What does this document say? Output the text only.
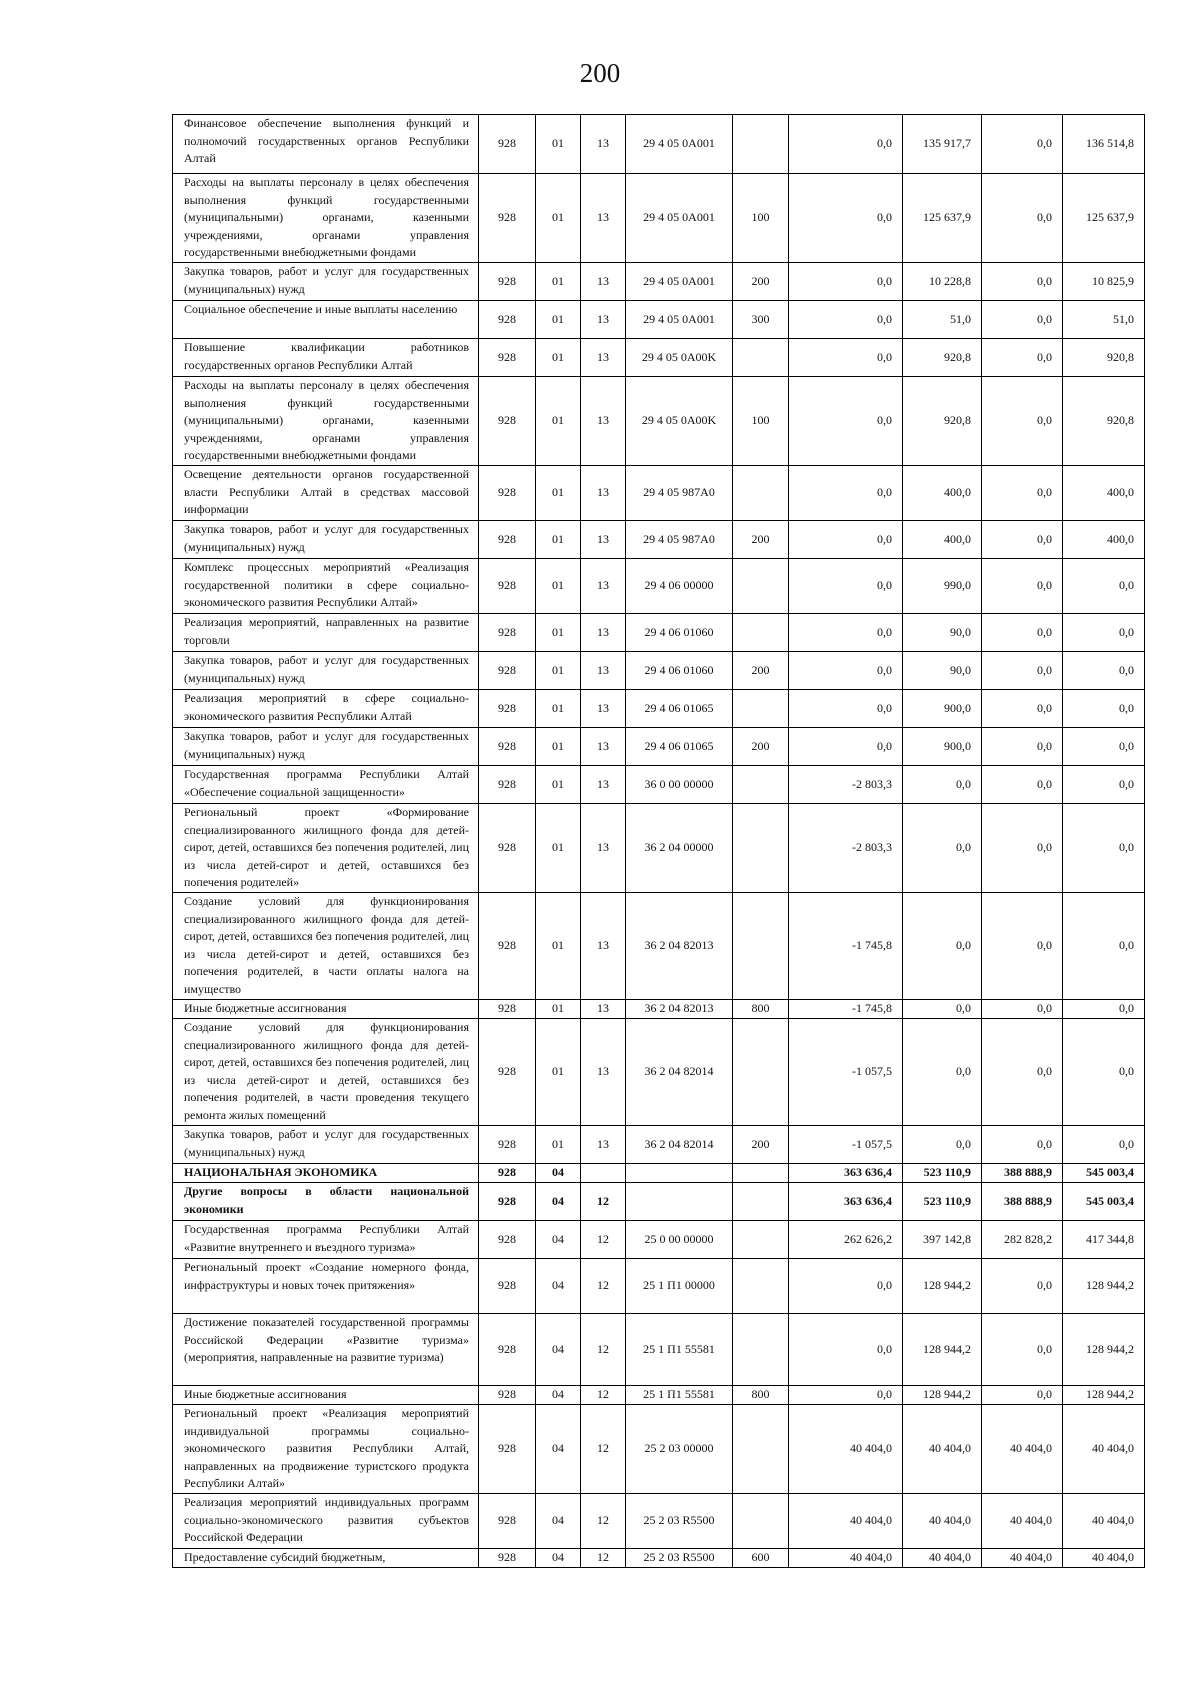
200
Финансовое обеспечение выполнения функций и полномочий государственных органов Республики Алтай	928	01	13	29 4 05 0A001		0,0	135 917,7	0,0	136 514,8
Расходы на выплаты персоналу в целях обеспечения выполнения функций государственными (муниципальными) органами, казенными учреждениями, органами управления государственными внебюджетными фондами	928	01	13	29 4 05 0A001	100	0,0	125 637,9	0,0	125 637,9
Закупка товаров, работ и услуг для государственных (муниципальных) нужд	928	01	13	29 4 05 0A001	200	0,0	10 228,8	0,0	10 825,9
Социальное обеспечение и иные выплаты населению	928	01	13	29 4 05 0A001	300	0,0	51,0	0,0	51,0
Повышение квалификации работников государственных органов Республики Алтай	928	01	13	29 4 05 0A00K		0,0	920,8	0,0	920,8
Расходы на выплаты персоналу в целях обеспечения выполнения функций государственными (муниципальными) органами, казенными учреждениями, органами управления государственными внебюджетными фондами	928	01	13	29 4 05 0A00K	100	0,0	920,8	0,0	920,8
Освещение деятельности органов государственной власти Республики Алтай в средствах массовой информации	928	01	13	29 4 05 987A0		0,0	400,0	0,0	400,0
Закупка товаров, работ и услуг для государственных (муниципальных) нужд	928	01	13	29 4 05 987A0	200	0,0	400,0	0,0	400,0
Комплекс процессных мероприятий «Реализация государственной политики в сфере социально-экономического развития Республики Алтай»	928	01	13	29 4 06 00000		0,0	990,0	0,0	0,0
Реализация мероприятий, направленных на развитие торговли	928	01	13	29 4 06 01060		0,0	90,0	0,0	0,0
Закупка товаров, работ и услуг для государственных (муниципальных) нужд	928	01	13	29 4 06 01060	200	0,0	90,0	0,0	0,0
Реализация мероприятий в сфере социально-экономического развития Республики Алтай	928	01	13	29 4 06 01065		0,0	900,0	0,0	0,0
Закупка товаров, работ и услуг для государственных (муниципальных) нужд	928	01	13	29 4 06 01065	200	0,0	900,0	0,0	0,0
Государственная программа Республики Алтай «Обеспечение социальной защищенности»	928	01	13	36 0 00 00000		-2 803,3	0,0	0,0	0,0
Региональный проект «Формирование специализированного жилищного фонда для детей-сирот, детей, оставшихся без попечения родителей, лиц из числа детей-сирот и детей, оставшихся без попечения родителей»	928	01	13	36 2 04 00000		-2 803,3	0,0	0,0	0,0
Создание условий для функционирования специализированного жилищного фонда для детей-сирот, детей, оставшихся без попечения родителей, лиц из числа детей-сирот и детей, оставшихся без попечения родителей, в части оплаты налога на имущество	928	01	13	36 2 04 82013		-1 745,8	0,0	0,0	0,0
Иные бюджетные ассигнования	928	01	13	36 2 04 82013	800	-1 745,8	0,0	0,0	0,0
Создание условий для функционирования специализированного жилищного фонда для детей-сирот, детей, оставшихся без попечения родителей, лиц из числа детей-сирот и детей, оставшихся без попечения родителей, в части проведения текущего ремонта жилых помещений	928	01	13	36 2 04 82014		-1 057,5	0,0	0,0	0,0
Закупка товаров, работ и услуг для государственных (муниципальных) нужд	928	01	13	36 2 04 82014	200	-1 057,5	0,0	0,0	0,0
НАЦИОНАЛЬНАЯ ЭКОНОМИКА	928	04				363 636,4	523 110,9	388 888,9	545 003,4
Другие вопросы в области национальной экономики	928	04	12			363 636,4	523 110,9	388 888,9	545 003,4
Государственная программа Республики Алтай «Развитие внутреннего и въездного туризма»	928	04	12	25 0 00 00000		262 626,2	397 142,8	282 828,2	417 344,8
Региональный проект «Создание номерного фонда, инфраструктуры и новых точек притяжения»	928	04	12	25 1 П1 00000		0,0	128 944,2	0,0	128 944,2
Достижение показателей государственной программы Российской Федерации «Развитие туризма» (мероприятия, направленные на развитие туризма)	928	04	12	25 1 П1 55581		0,0	128 944,2	0,0	128 944,2
Иные бюджетные ассигнования	928	04	12	25 1 П1 55581	800	0,0	128 944,2	0,0	128 944,2
Региональный проект «Реализация мероприятий индивидуальной программы социально-экономического развития Республики Алтай, направленных на продвижение туристского продукта Республики Алтай»	928	04	12	25 2 03 00000		40 404,0	40 404,0	40 404,0	40 404,0
Реализация мероприятий индивидуальных программ социально-экономического развития субъектов Российской Федерации	928	04	12	25 2 03 R5500		40 404,0	40 404,0	40 404,0	40 404,0
Предоставление субсидий бюджетным,	928	04	12	25 2 03 R5500	600	40 404,0	40 404,0	40 404,0	40 404,0
